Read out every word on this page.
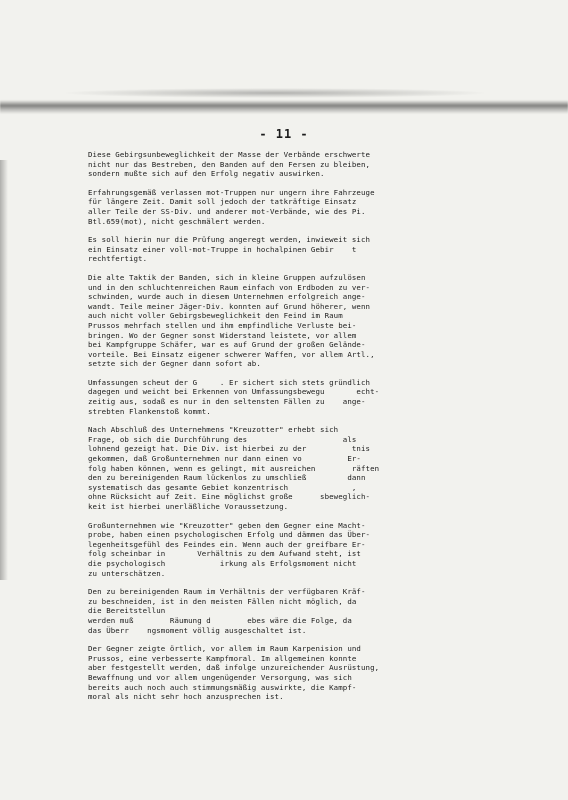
- 11 -

Diese Gebirgsunbeweglichkeit der Masse der Verbände erschwerte
nicht nur das Bestreben, den Banden auf den Fersen zu bleiben,
sondern mußte sich auf den Erfolg negativ auswirken.

Erfahrungsgemäß verlassen mot-Truppen nur ungern ihre Fahrzeuge
für längere Zeit. Damit soll jedoch der tatkräftige Einsatz
aller Teile der SS-Div. und anderer mot-Verbände, wie des Pi.
Btl.659(mot), nicht geschmälert werden.

Es soll hierin nur die Prüfung angeregt werden, inwieweit sich
ein Einsatz einer voll-mot-Truppe in hochalpinen Gebir    t
rechtfertigt.

Die alte Taktik der Banden, sich in kleine Gruppen aufzulösen
und in den schluchtenreichen Raum einfach von Erdboden zu ver-
schwinden, wurde auch in diesem Unternehmen erfolgreich ange-
wandt. Teile meiner Jäger-Div. konnten auf Grund höherer, wenn
auch nicht voller Gebirgsbeweglichkeit den Feind im Raum
Prussos mehrfach stellen und ihm empfindliche Verluste bei-
bringen. Wo der Gegner sonst Widerstand leistete, vor allem
bei Kampfgruppe Schäfer, war es auf Grund der großen Gelände-
vorteile. Bei Einsatz eigener schwerer Waffen, vor allem Artl.,
setzte sich der Gegner dann sofort ab.

Umfassungen scheut der G     . Er sichert sich stets gründlich
dagegen und weicht bei Erkennen von Umfassungsbewegu       echt-
zeitig aus, sodaß es nur in den seltensten Fällen zu    ange-
strebten Flankenstoß kommt.

Nach Abschluß des Unternehmens "Kreuzotter" erhebt sich
Frage, ob sich die Durchführung des                     als
lohnend gezeigt hat. Die Div. ist hierbei zu der          tnis
gekommen, daß Großunternehmen nur dann einen vo          Er-
folg haben können, wenn es gelingt, mit ausreichen        räften
den zu bereinigenden Raum lückenlos zu umschließ         dann
systematisch das gesamte Gebiet konzentrisch              ,
ohne Rücksicht auf Zeit. Eine möglichst große      sbeweglich-
keit ist hierbei unerläßliche Voraussetzung.

Großunternehmen wie "Kreuzotter" geben dem Gegner eine Macht-
probe, haben einen psychologischen Erfolg und dämmen das Über-
legenheitsgefühl des Feindes ein. Wenn auch der greifbare Er-
folg scheinbar in       Verhältnis zu dem Aufwand steht, ist
die psychologisch            irkung als Erfolgsmoment nicht
zu unterschätzen.

Den zu bereinigenden Raum im Verhältnis der verfügbaren Kräf-
zu beschneiden, ist in den meisten Fällen nicht möglich, da
die Bereitstellun
werden muß        Räumung d        ebes wäre die Folge, da
das Überr    ngsmoment völlig ausgeschaltet ist.

Der Gegner zeigte örtlich, vor allem im Raum Karpenision und
Prussos, eine verbesserte Kampfmoral. Im allgemeinen konnte
aber festgestellt werden, daß infolge unzureichender Ausrüstung,
Bewaffnung und vor allem ungenügender Versorgung, was sich
bereits auch noch auch stimmungsmäßig auswirkte, die Kampf-
moral als nicht sehr hoch anzusprechen ist.
